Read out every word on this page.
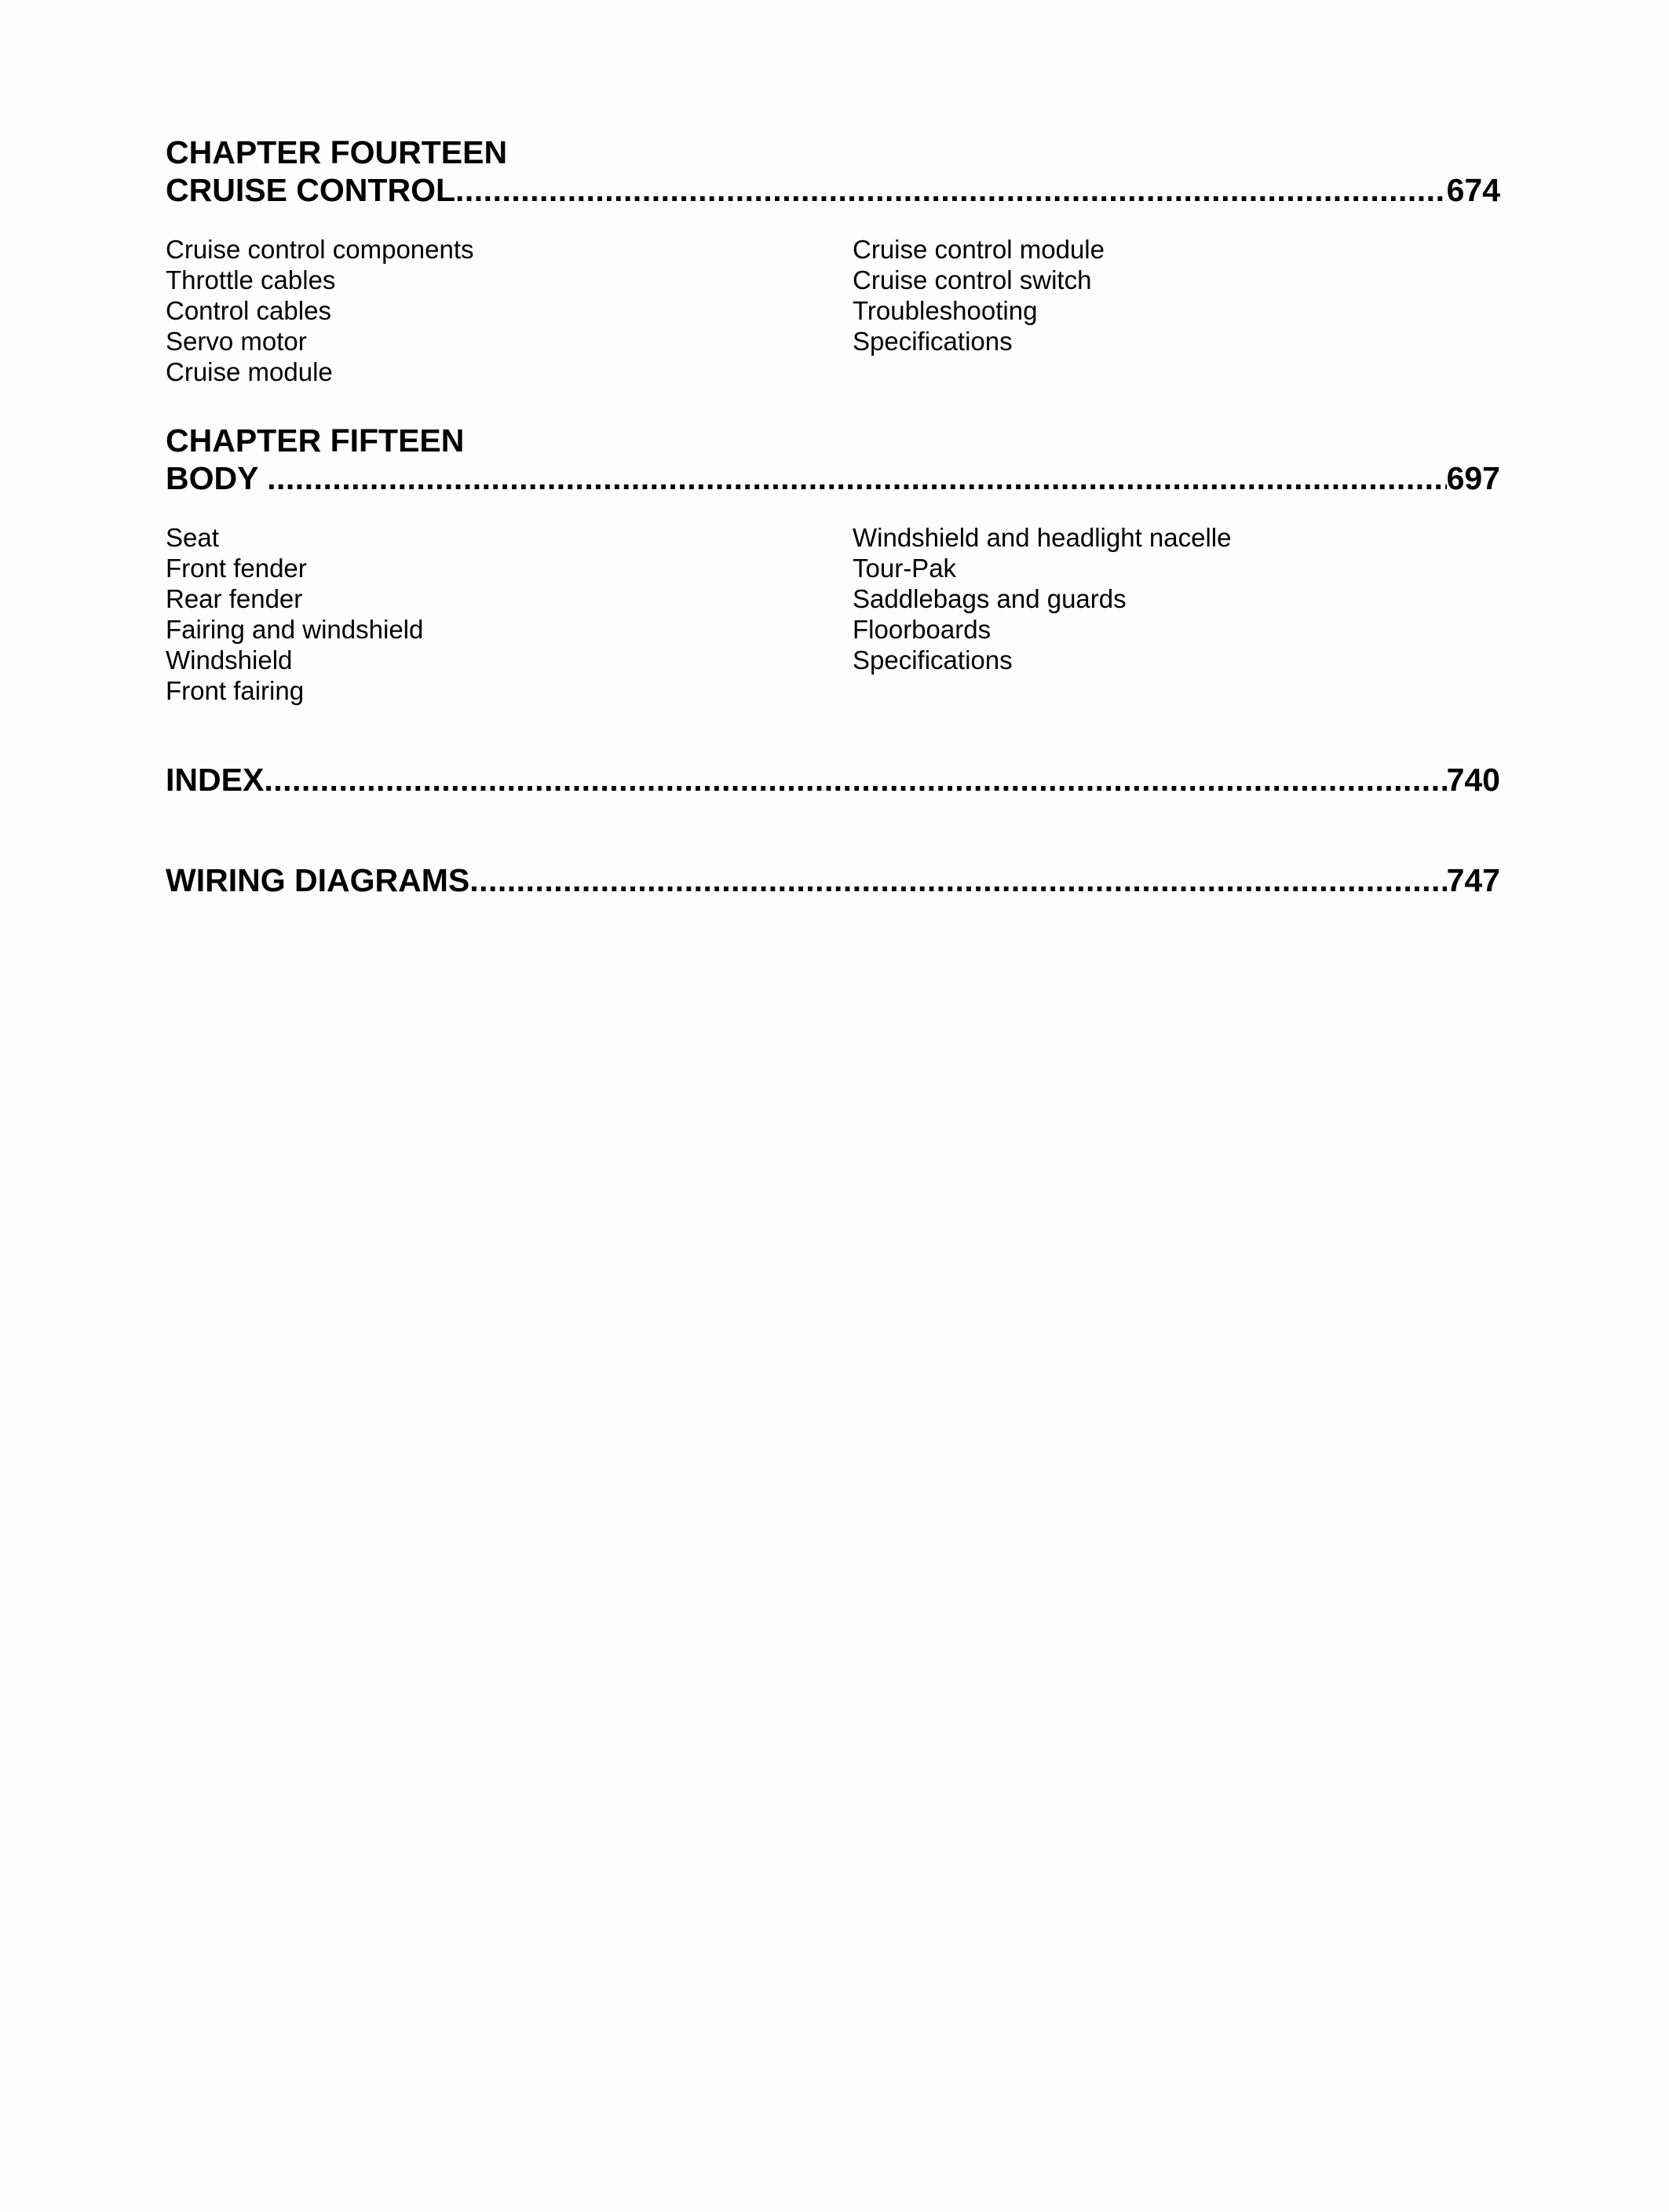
CHAPTER FOURTEEN
CRUISE CONTROL .....	674
Cruise control components
Throttle cables
Control cables
Servo motor
Cruise module
Cruise control module
Cruise control switch
Troubleshooting
Specifications
CHAPTER FIFTEEN
BODY .....	697
Seat
Front fender
Rear fender
Fairing and windshield
Windshield
Front fairing
Windshield and headlight nacelle
Tour-Pak
Saddlebags and guards
Floorboards
Specifications
INDEX .....	740
WIRING DIAGRAMS .....	747
